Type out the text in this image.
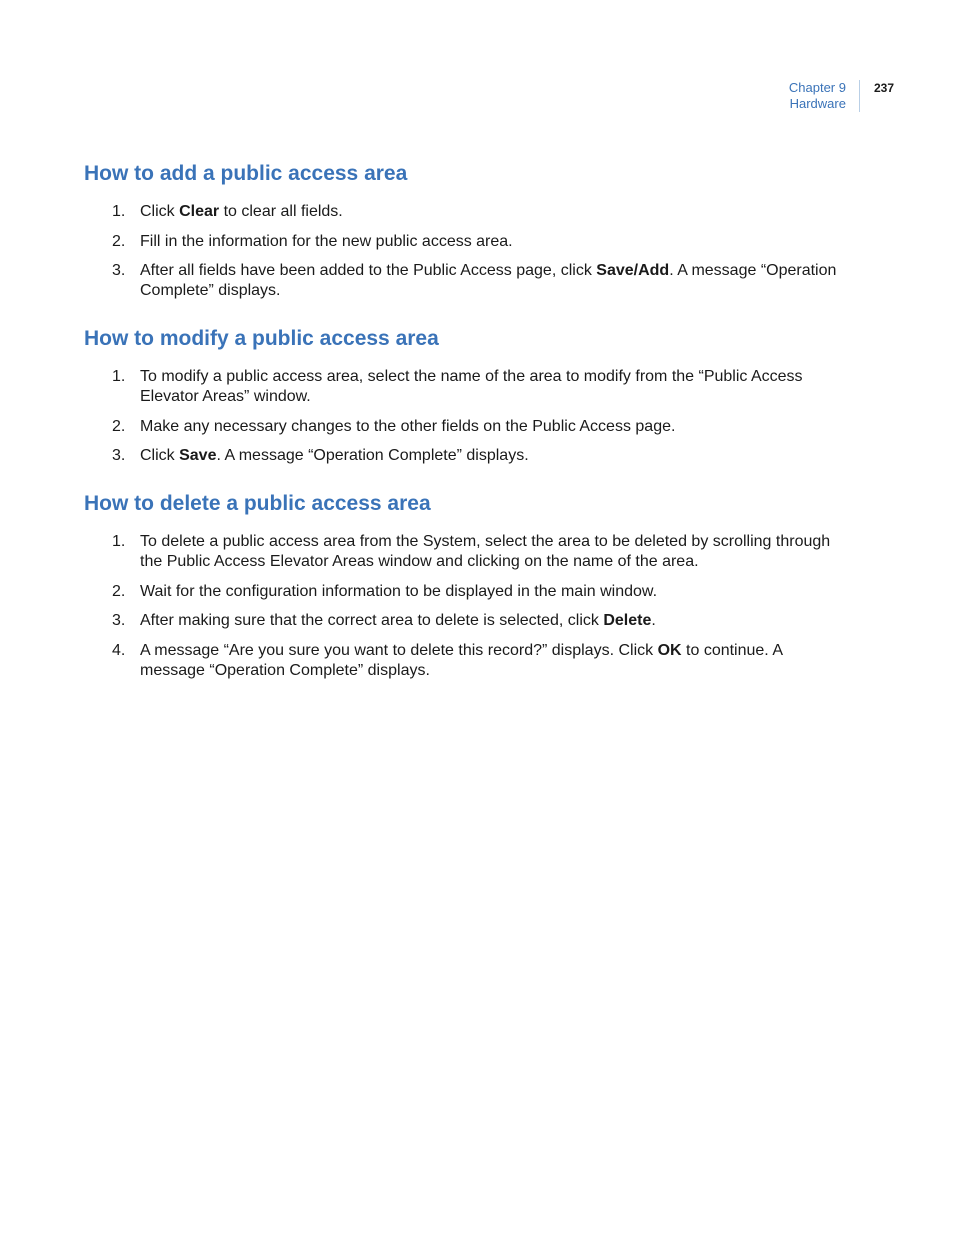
Chapter 9
Hardware
237
How to add a public access area
1. Click Clear to clear all fields.
2. Fill in the information for the new public access area.
3. After all fields have been added to the Public Access page, click Save/Add. A message “Operation Complete” displays.
How to modify a public access area
1. To modify a public access area, select the name of the area to modify from the “Public Access Elevator Areas” window.
2. Make any necessary changes to the other fields on the Public Access page.
3. Click Save. A message “Operation Complete” displays.
How to delete a public access area
1. To delete a public access area from the System, select the area to be deleted by scrolling through the Public Access Elevator Areas window and clicking on the name of the area.
2. Wait for the configuration information to be displayed in the main window.
3. After making sure that the correct area to delete is selected, click Delete.
4. A message “Are you sure you want to delete this record?” displays. Click OK to continue. A message “Operation Complete” displays.
